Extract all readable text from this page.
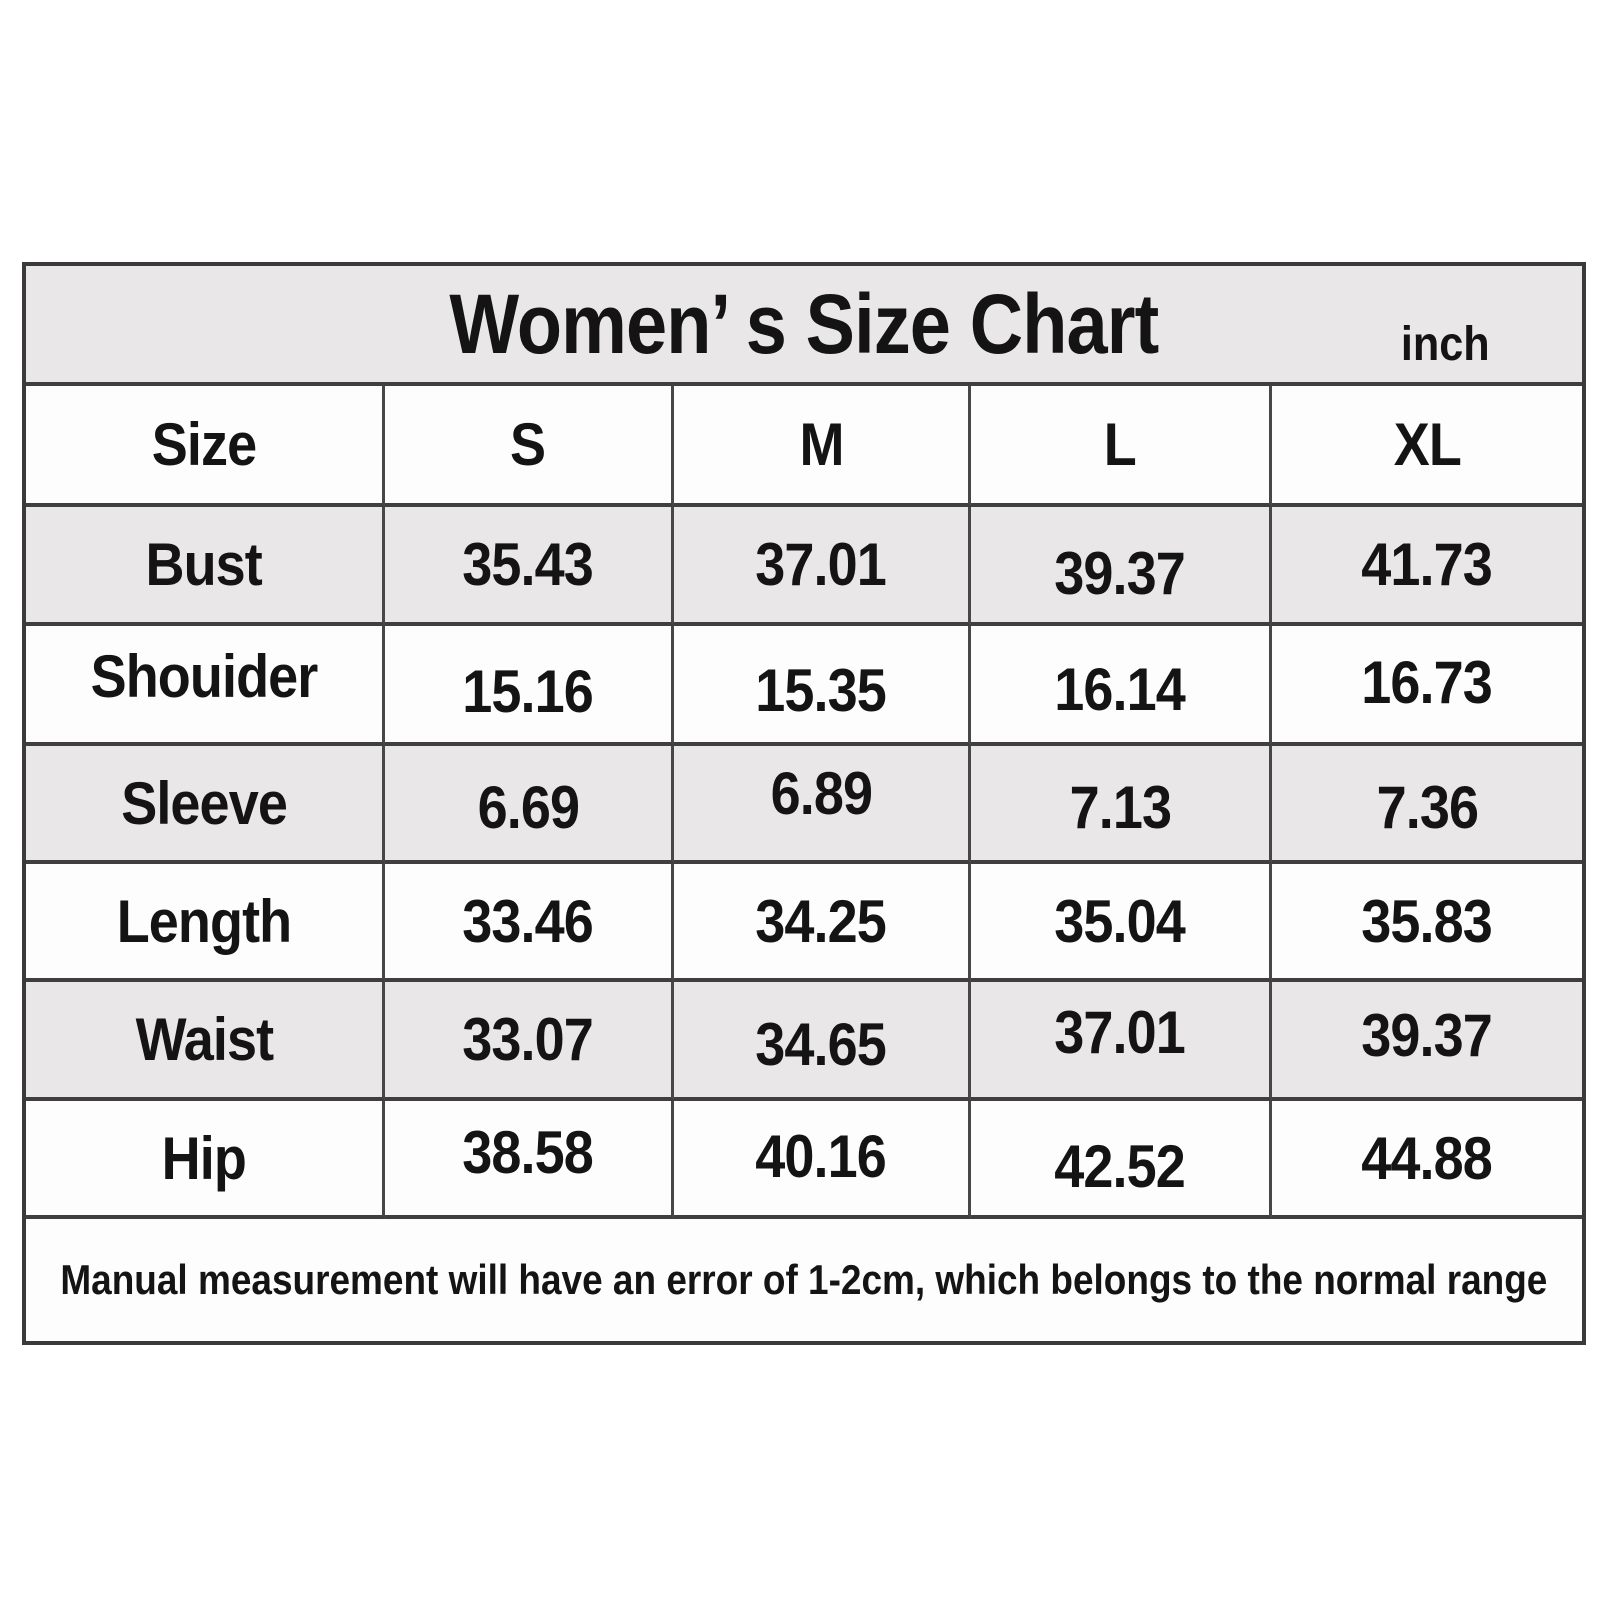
Women’ s Size Chart	inch
Size	S	M	L	XL
Bust	35.43	37.01	39.37	41.73
Shouider 15.16	15.35	16.14	16.73
Sleeve	6.69	6.89	7.13	7.36
Length	33.46	34.25	35.04	35.83
Waist	33.07	34.65	37.01	39.37
Hip	38.58	40.16	42.52	44.88
Manual measurement will have an error of 1-2cm, which belongs to the normal range
